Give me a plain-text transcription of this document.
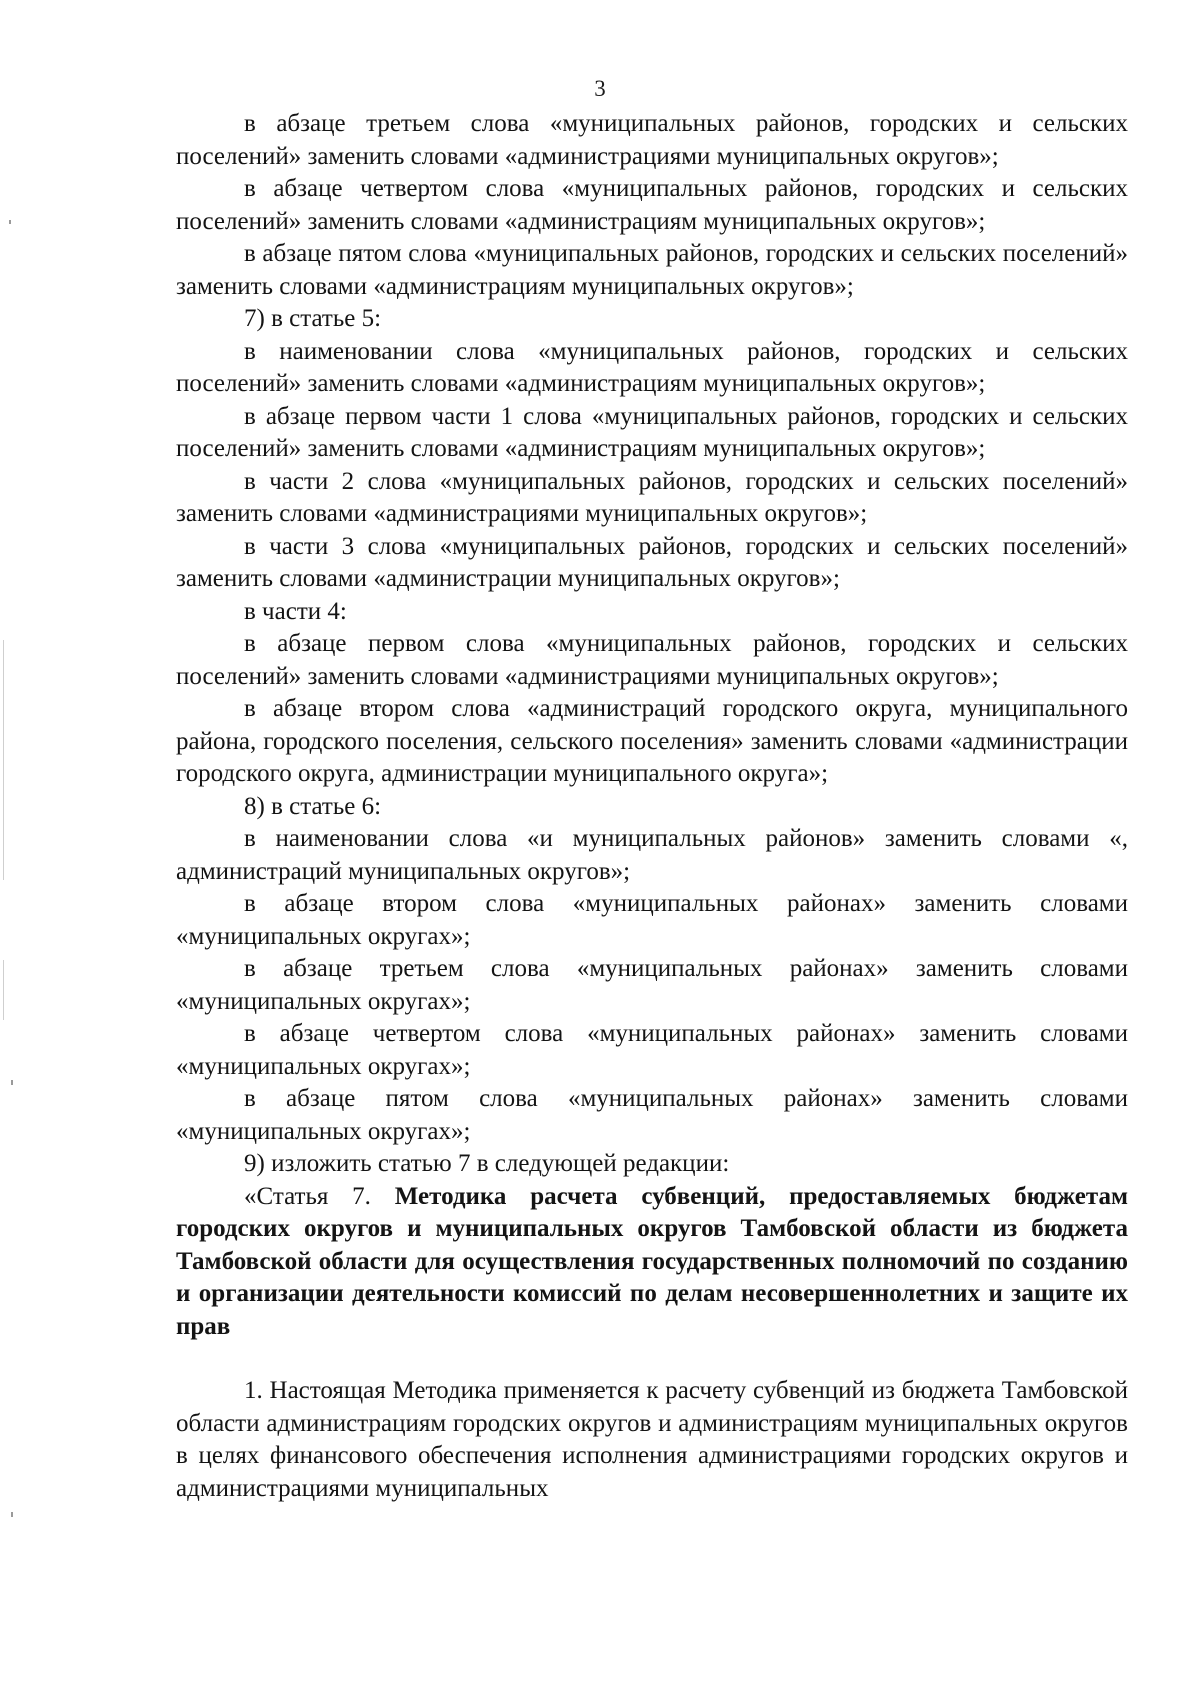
3

в абзаце третьем слова «муниципальных районов, городских и сельских поселений» заменить словами «администрациями муниципальных округов»;

в абзаце четвертом слова «муниципальных районов, городских и сельских поселений» заменить словами «администрациям муниципальных округов»;

в абзаце пятом слова «муниципальных районов, городских и сельских поселений» заменить словами «администрациям муниципальных округов»;

7) в статье 5:

в наименовании слова «муниципальных районов, городских и сельских поселений» заменить словами «администрациям муниципальных округов»;

в абзаце первом части 1 слова «муниципальных районов, городских и сельских поселений» заменить словами «администрациям муниципальных округов»;

в части 2 слова «муниципальных районов, городских и сельских поселений» заменить словами «администрациями муниципальных округов»;

в части 3 слова «муниципальных районов, городских и сельских поселений» заменить словами «администрации муниципальных округов»;

в части 4:

в абзаце первом слова «муниципальных районов, городских и сельских поселений» заменить словами «администрациями муниципальных округов»;

в абзаце втором слова «администраций городского округа, муниципального района, городского поселения, сельского поселения» заменить словами «администрации городского округа, администрации муниципального округа»;

8) в статье 6:

в наименовании слова «и муниципальных районов» заменить словами «, администраций муниципальных округов»;

в абзаце втором слова «муниципальных районах» заменить словами «муниципальных округах»;

в абзаце третьем слова «муниципальных районах» заменить словами «муниципальных округах»;

в абзаце четвертом слова «муниципальных районах» заменить словами «муниципальных округах»;

в абзаце пятом слова «муниципальных районах» заменить словами «муниципальных округах»;

9) изложить статью 7 в следующей редакции:

«Статья 7. Методика расчета субвенций, предоставляемых бюджетам городских округов и муниципальных округов Тамбовской области из бюджета Тамбовской области для осуществления государственных полномочий по созданию и организации деятельности комиссий по делам несовершеннолетних и защите их прав

1. Настоящая Методика применяется к расчету субвенций из бюджета Тамбовской области администрациям городских округов и администрациям муниципальных округов в целях финансового обеспечения исполнения администрациями городских округов и администрациями муниципальных
